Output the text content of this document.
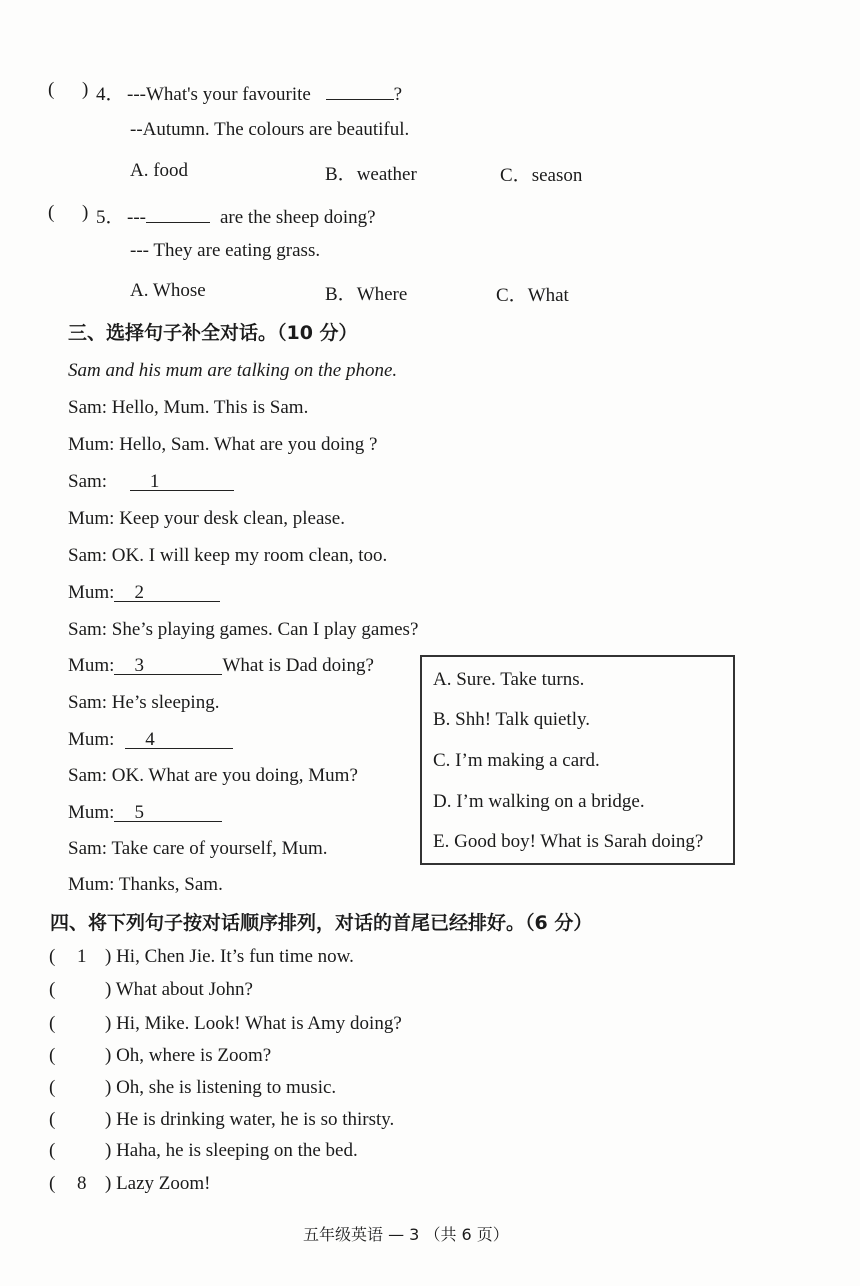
( ) 4． ---What's your favourite	?
--Autumn. The colours are beautiful.
A. food	B．weather	C．season
( ) 5． ---	are the sheep doing?
--- They are eating grass.
A. Whose	B．Where	C．What
三、选择句子补全对话。（10 分）
Sam and his mum are talking on the phone.
Sam: Hello, Mum. This is Sam.
Mum: Hello, Sam. What are you doing ?
Sam: 1
Mum: Keep your desk clean, please.
Sam: OK. I will keep my room clean, too.
Mum: 2
Sam: She’s playing games. Can I play games?
Mum: 3	What is Dad doing?
Sam: He’s sleeping.
Mum: 4
Sam: OK. What are you doing, Mum?
Mum: 5
Sam: Take care of yourself, Mum.
Mum: Thanks, Sam.
A. Sure. Take turns.
B. Shh! Talk quietly.
C. I’m making a card.
D. I’m walking on a bridge.
E. Good boy! What is Sarah doing?
四、将下列句子按对话顺序排列，对话的首尾已经排好。（6 分）
( 1 ) Hi, Chen Jie. It’s fun time now.
(	) What about John?
(	) Hi, Mike. Look! What is Amy doing?
(	) Oh, where is Zoom?
(	) Oh, she is listening to music.
(	) He is drinking water, he is so thirsty.
(	) Haha, he is sleeping on the bed.
( 8 ) Lazy Zoom!
五年级英语 — 3 （共 6 页）
